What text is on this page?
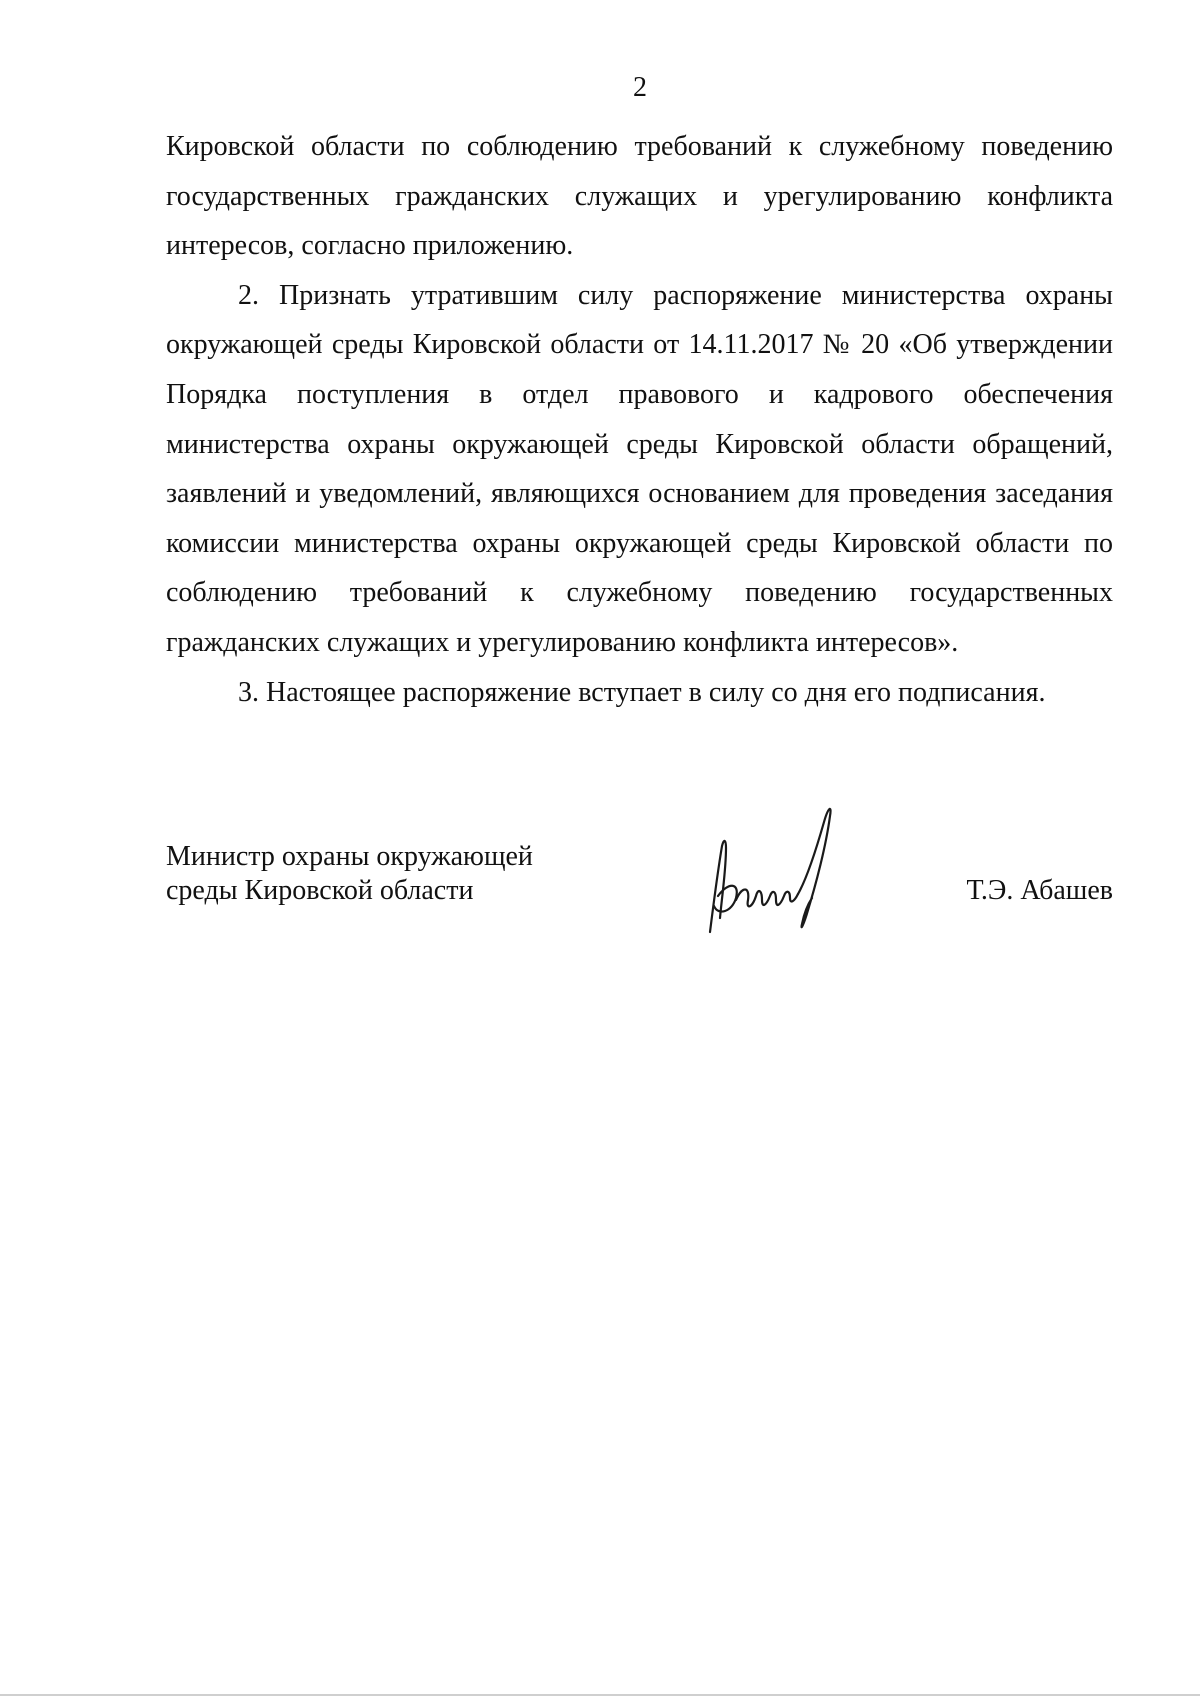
2

Кировской области по соблюдению требований к служебному поведению государственных гражданских служащих и урегулированию конфликта интересов, согласно приложению.

2. Признать утратившим силу распоряжение министерства охраны окружающей среды Кировской области от 14.11.2017 № 20 «Об утверждении Порядка поступления в отдел правового и кадрового обеспечения министерства охраны окружающей среды Кировской области обращений, заявлений и уведомлений, являющихся основанием для проведения заседания комиссии министерства охраны окружающей среды Кировской области по соблюдению требований к служебному поведению государственных гражданских служащих и урегулированию конфликта интересов».

3. Настоящее распоряжение вступает в силу со дня его подписания.

Министр охраны окружающей
среды Кировской области	Т.Э. Абашев
